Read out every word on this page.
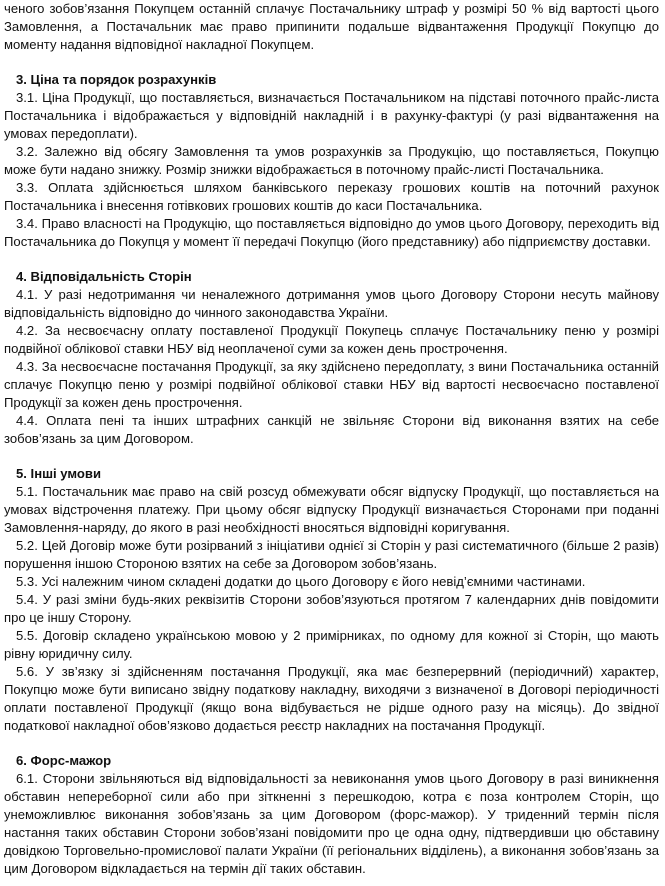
ченого зобов’язання Покупцем останній сплачує Постачальнику штраф у розмірі 50 % від вартості цього Замовлення, а Постачальник має право припинити подальше відвантаження Продукції Покупцю до моменту надання відповідної накладної Покупцем.

3. Ціна та порядок розрахунків

3.1. Ціна Продукції, що поставляється, визначається Постачальником на підставі поточного прайс-листа Постачальника і відображається у відповідній накладній і в рахунку-фактурі (у разі відвантаження на умовах передоплати).

3.2. Залежно від обсягу Замовлення та умов розрахунків за Продукцію, що поставляється, Покупцю може бути надано знижку. Розмір знижки відображається в поточному прайс-листі Постачальника.

3.3. Оплата здійснюється шляхом банківського переказу грошових коштів на поточний рахунок Постачальника і внесення готівкових грошових коштів до каси Постачальника.

3.4. Право власності на Продукцію, що поставляється відповідно до умов цього Договору, переходить від Постачальника до Покупця у момент її передачі Покупцю (його представнику) або підприємству доставки.

4. Відповідальність Сторін

4.1. У разі недотримання чи неналежного дотримання умов цього Договору Сторони несуть майнову відповідальність відповідно до чинного законодавства України.

4.2. За несвоєчасну оплату поставленої Продукції Покупець сплачує Постачальнику пеню у розмірі подвійної облікової ставки НБУ від неоплаченої суми за кожен день прострочення.

4.3. За несвоєчасне постачання Продукції, за яку здійснено передоплату, з вини Постачальника останній сплачує Покупцю пеню у розмірі подвійної облікової ставки НБУ від вартості несвоєчасно поставленої Продукції за кожен день прострочення.

4.4. Оплата пені та інших штрафних санкцій не звільняє Сторони від виконання взятих на себе зобов’язань за цим Договором.

5. Інші умови

5.1. Постачальник має право на свій розсуд обмежувати обсяг відпуску Продукції, що поставляється на умовах відстрочення платежу. При цьому обсяг відпуску Продукції визначається Сторонами при поданні Замовлення-наряду, до якого в разі необхідності вносяться відповідні коригування.

5.2. Цей Договір може бути розірваний з ініціативи однієї зі Сторін у разі систематичного (більше 2 разів) порушення іншою Стороною взятих на себе за Договором зобов’язань.

5.3. Усі належним чином складені додатки до цього Договору є його невід’ємними частинами.

5.4. У разі зміни будь-яких реквізитів Сторони зобов’язуються протягом 7 календарних днів повідомити про це іншу Сторону.

5.5. Договір складено українською мовою у 2 примірниках, по одному для кожної зі Сторін, що мають рівну юридичну силу.

5.6. У зв’язку зі здійсненням постачання Продукції, яка має безперервний (періодичний) характер, Покупцю може бути виписано звідну податкову накладну, виходячи з визначеної в Договорі періодичності оплати поставленої Продукції (якщо вона відбувається не рідше одного разу на місяць). До звідної податкової накладної обов’язково додається реєстр накладних на постачання Продукції.

6. Форс-мажор

6.1. Сторони звільняються від відповідальності за невиконання умов цього Договору в разі виникнення обставин непереборної сили або при зіткненні з перешкодою, котра є поза контролем Сторін, що унеможливлює виконання зобов’язань за цим Договором (форс-мажор). У триденний термін після настання таких обставин Сторони зобов’язані повідомити про це одна одну, підтвердивши цю обставину довідкою Торговельно-промислової палати України (її регіональних відділень), а виконання зобов’язань за цим Договором відкладається на термін дії таких обставин.
